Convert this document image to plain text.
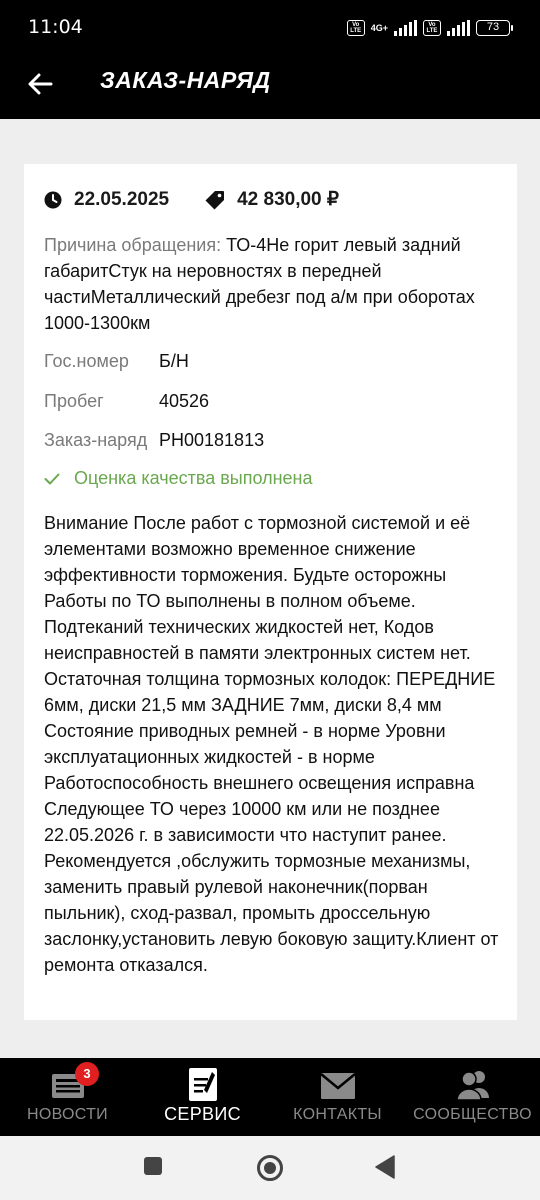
11:04	Vo LTE	4G+	Vo LTE	73
ЗАКАЗ-НАРЯД
22.05.2025	42 830,00 ₽
Причина обращения: ТО-4Не горит левый задний габаритСтук на неровностях в передней частиМеталлический дребезг под а/м при оборотах 1000-1300км
Гос.номер	Б/Н
Пробег	40526
Заказ-наряд РН00181813
Оценка качества выполнена
Внимание После работ с тормозной системой и её элементами возможно временное снижение эффективности торможения. Будьте осторожны Работы по ТО выполнены в полном объеме. Подтеканий технических жидкостей нет, Кодов неисправностей в памяти электронных систем нет. Остаточная толщина тормозных колодок: ПЕРЕДНИЕ 6мм, диски 21,5 мм ЗАДНИЕ 7мм, диски 8,4 мм Состояние приводных ремней - в норме Уровни эксплуатационных жидкостей - в норме Работоспособность внешнего освещения исправна Следующее ТО через 10000 км или не позднее 22.05.2026 г. в зависимости что наступит ранее. Рекомендуется ,обслужить тормозные механизмы, заменить правый рулевой наконечник(порван пыльник), сход-развал, промыть дроссельную заслонку,установить левую боковую защиту.Клиент от ремонта отказался.
3
НОВОСТИ	СЕРВИС	КОНТАКТЫ	СООБЩЕСТВО
